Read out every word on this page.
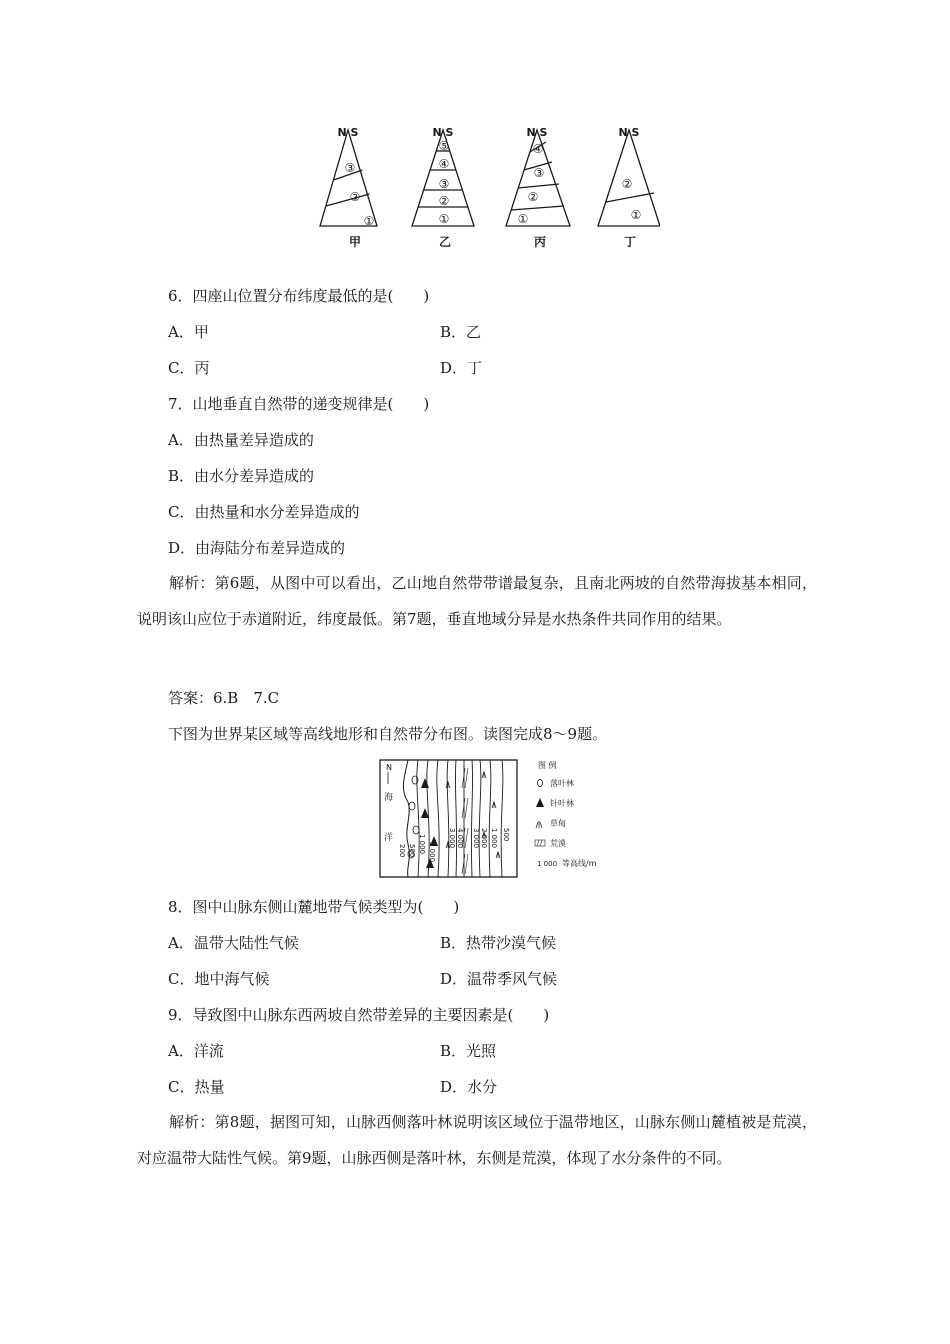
N S	N S	N S	N S
③
②
①
⑤
④
③
②
①
④
③
②
①
②
①
甲	乙	丙	丁
6．四座山位置分布纬度最低的是(　　)
A．甲	B．乙
C．丙	D．丁
7．山地垂直自然带的递变规律是(　　)
A．由热量差异造成的
B．由水分差异造成的
C．由热量和水分差异造成的
D．由海陆分布差异造成的
解析：第6题，从图中可以看出，乙山地自然带带谱最复杂，且南北两坡的自然带海拔基本相同，说明该山应位于赤道附近，纬度最低。第7题，垂直地域分异是水热条件共同作用的结果。
答案：6.B　7.C
下图为世界某区域等高线地形和自然带分布图。读图完成8～9题。
N
海
洋
200 500 1 000 2 000
3 000 4 000 3 000 2 000 1 000 500
图 例
落叶林
针叶林
草甸
荒漠
1 000 等高线/m
8．图中山脉东侧山麓地带气候类型为(　　)
A．温带大陆性气候	B．热带沙漠气候
C．地中海气候	D．温带季风气候
9．导致图中山脉东西两坡自然带差异的主要因素是(　　)
A．洋流	B．光照
C．热量	D．水分
解析：第8题，据图可知，山脉西侧落叶林说明该区域位于温带地区，山脉东侧山麓植被是荒漠，对应温带大陆性气候。第9题，山脉西侧是落叶林，东侧是荒漠，体现了水分条件的不同。
